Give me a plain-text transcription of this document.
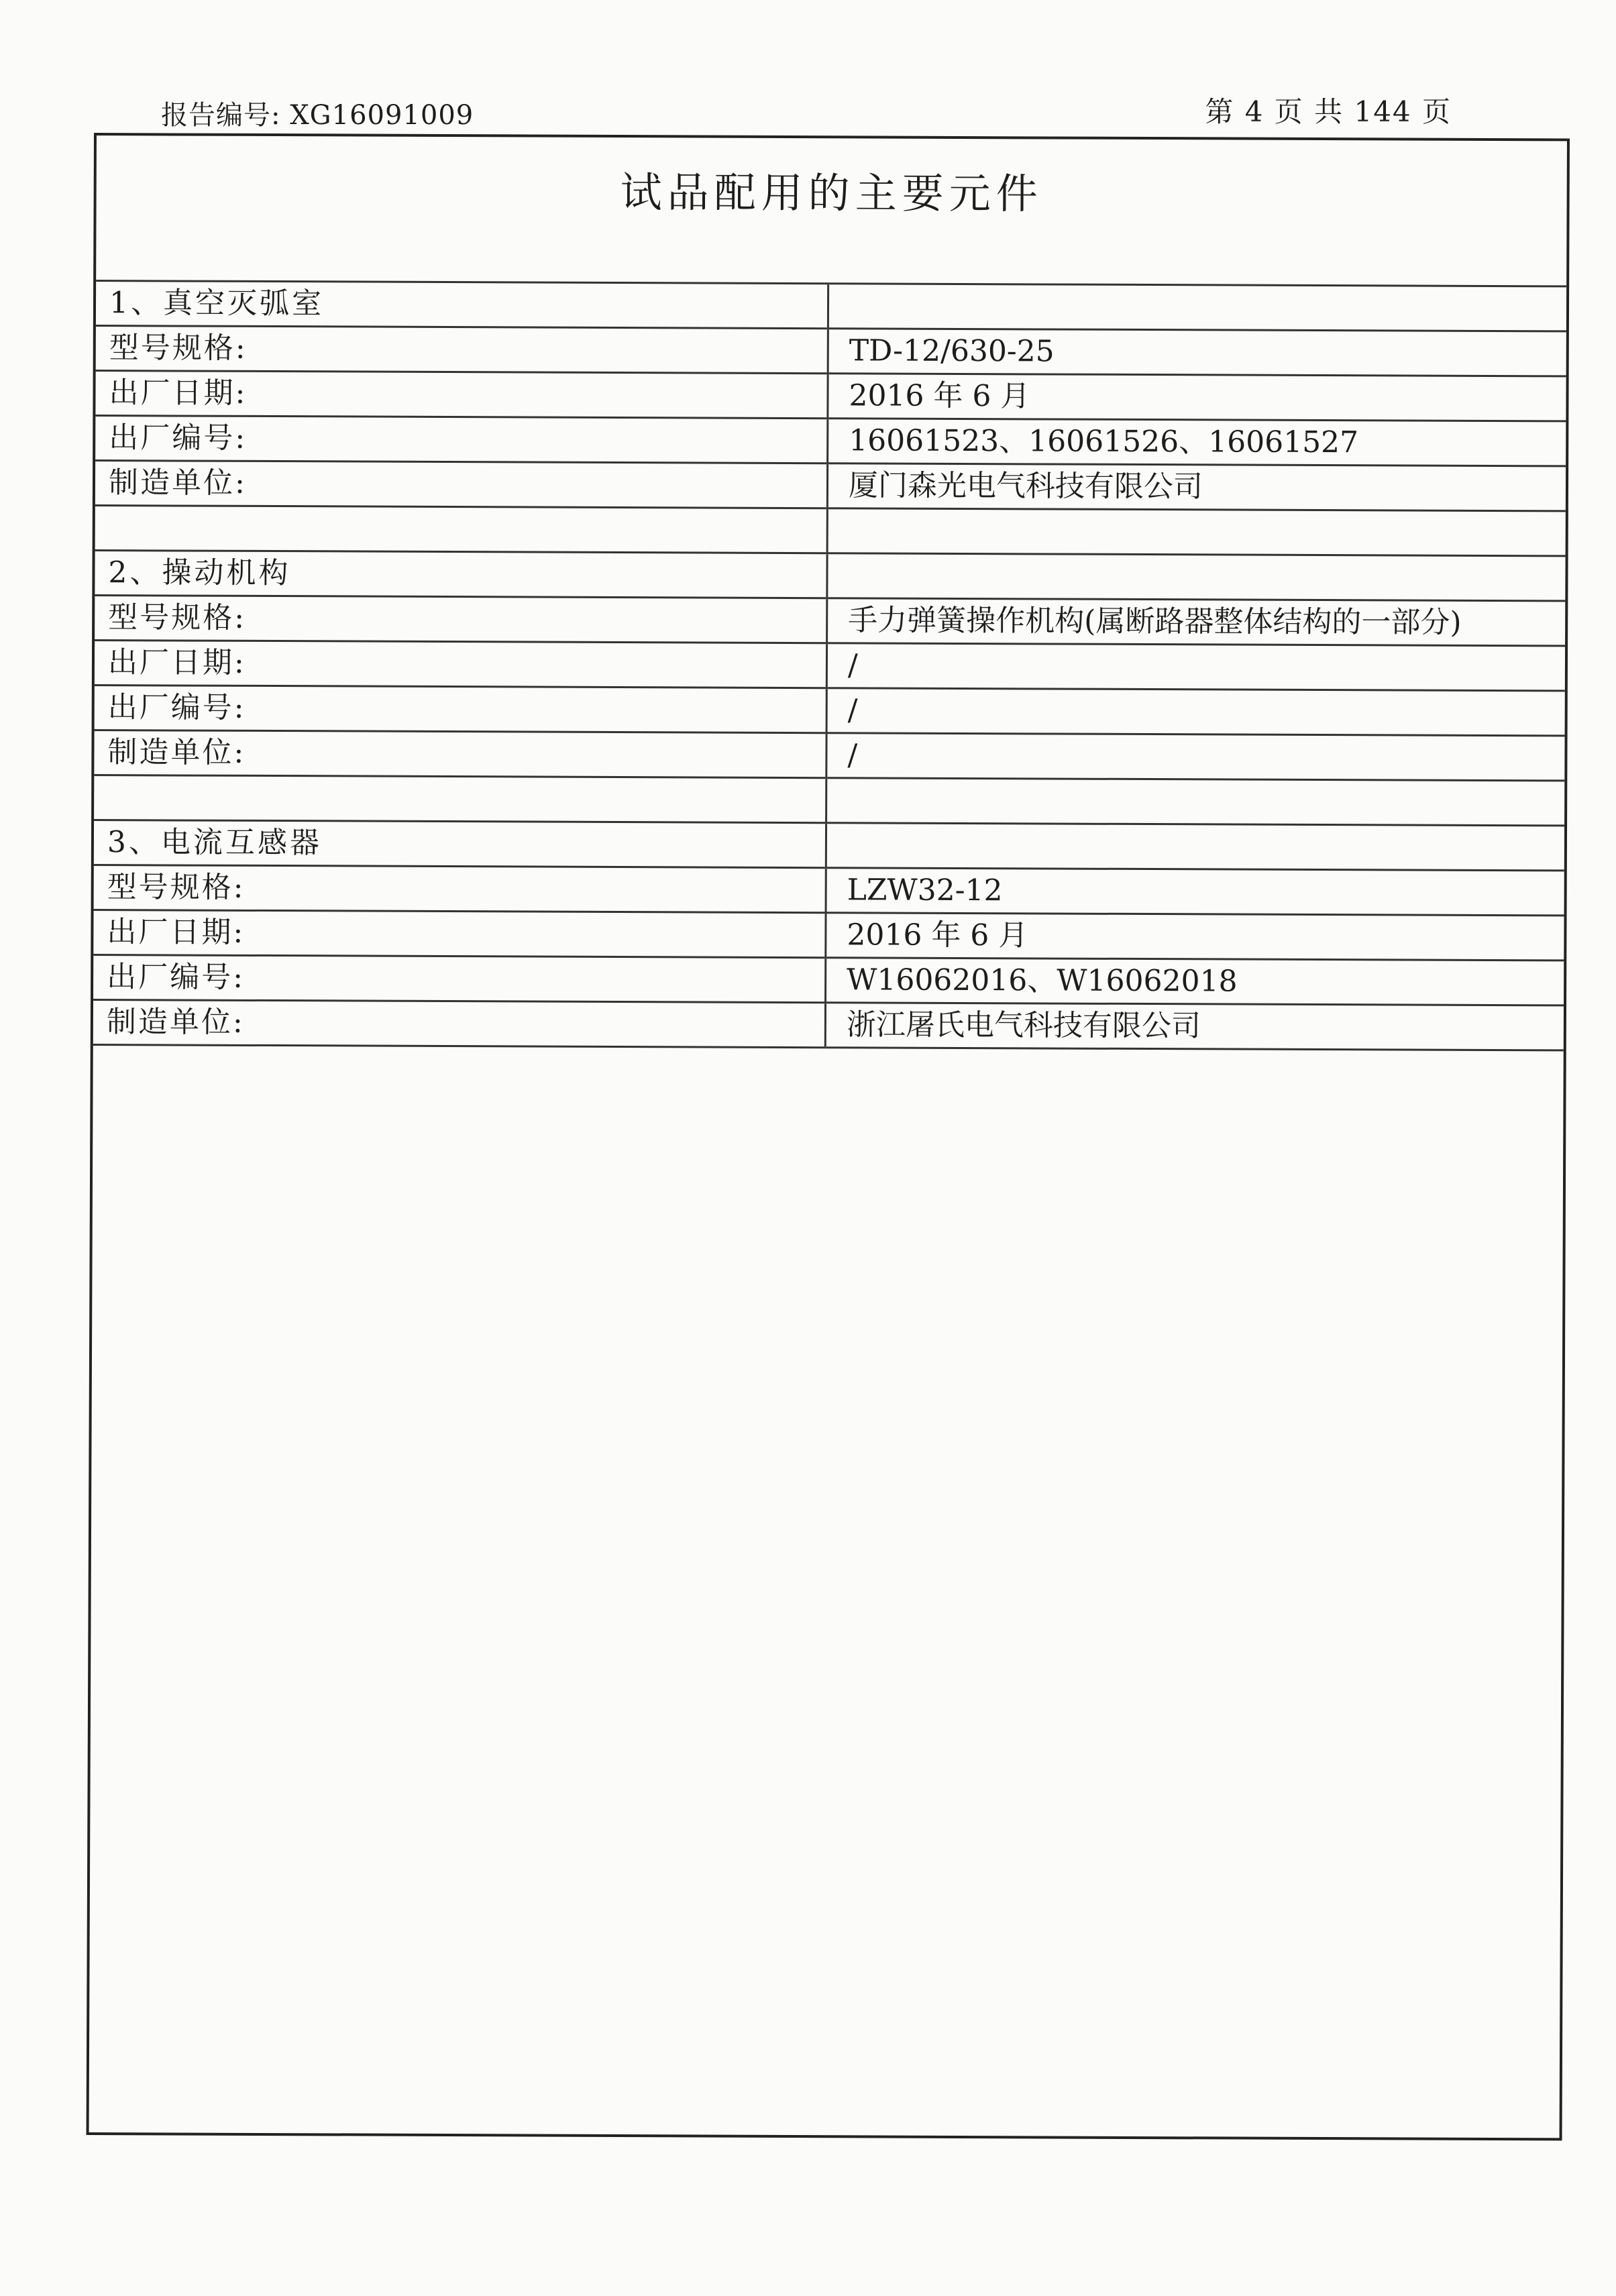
报告编号: XG16091009	第 4 页 共 144 页
试品配用的主要元件
1、真空灭弧室	
型号规格:	TD-12/630-25
出厂日期:	2016 年 6 月
出厂编号:	16061523、16061526、16061527
制造单位:	厦门森光电气科技有限公司

2、操动机构	
型号规格:	手力弹簧操作机构(属断路器整体结构的一部分)
出厂日期:	/
出厂编号:	/
制造单位:	/

3、电流互感器	
型号规格:	LZW32-12
出厂日期:	2016 年 6 月
出厂编号:	W16062016、W16062018
制造单位:	浙江屠氏电气科技有限公司
